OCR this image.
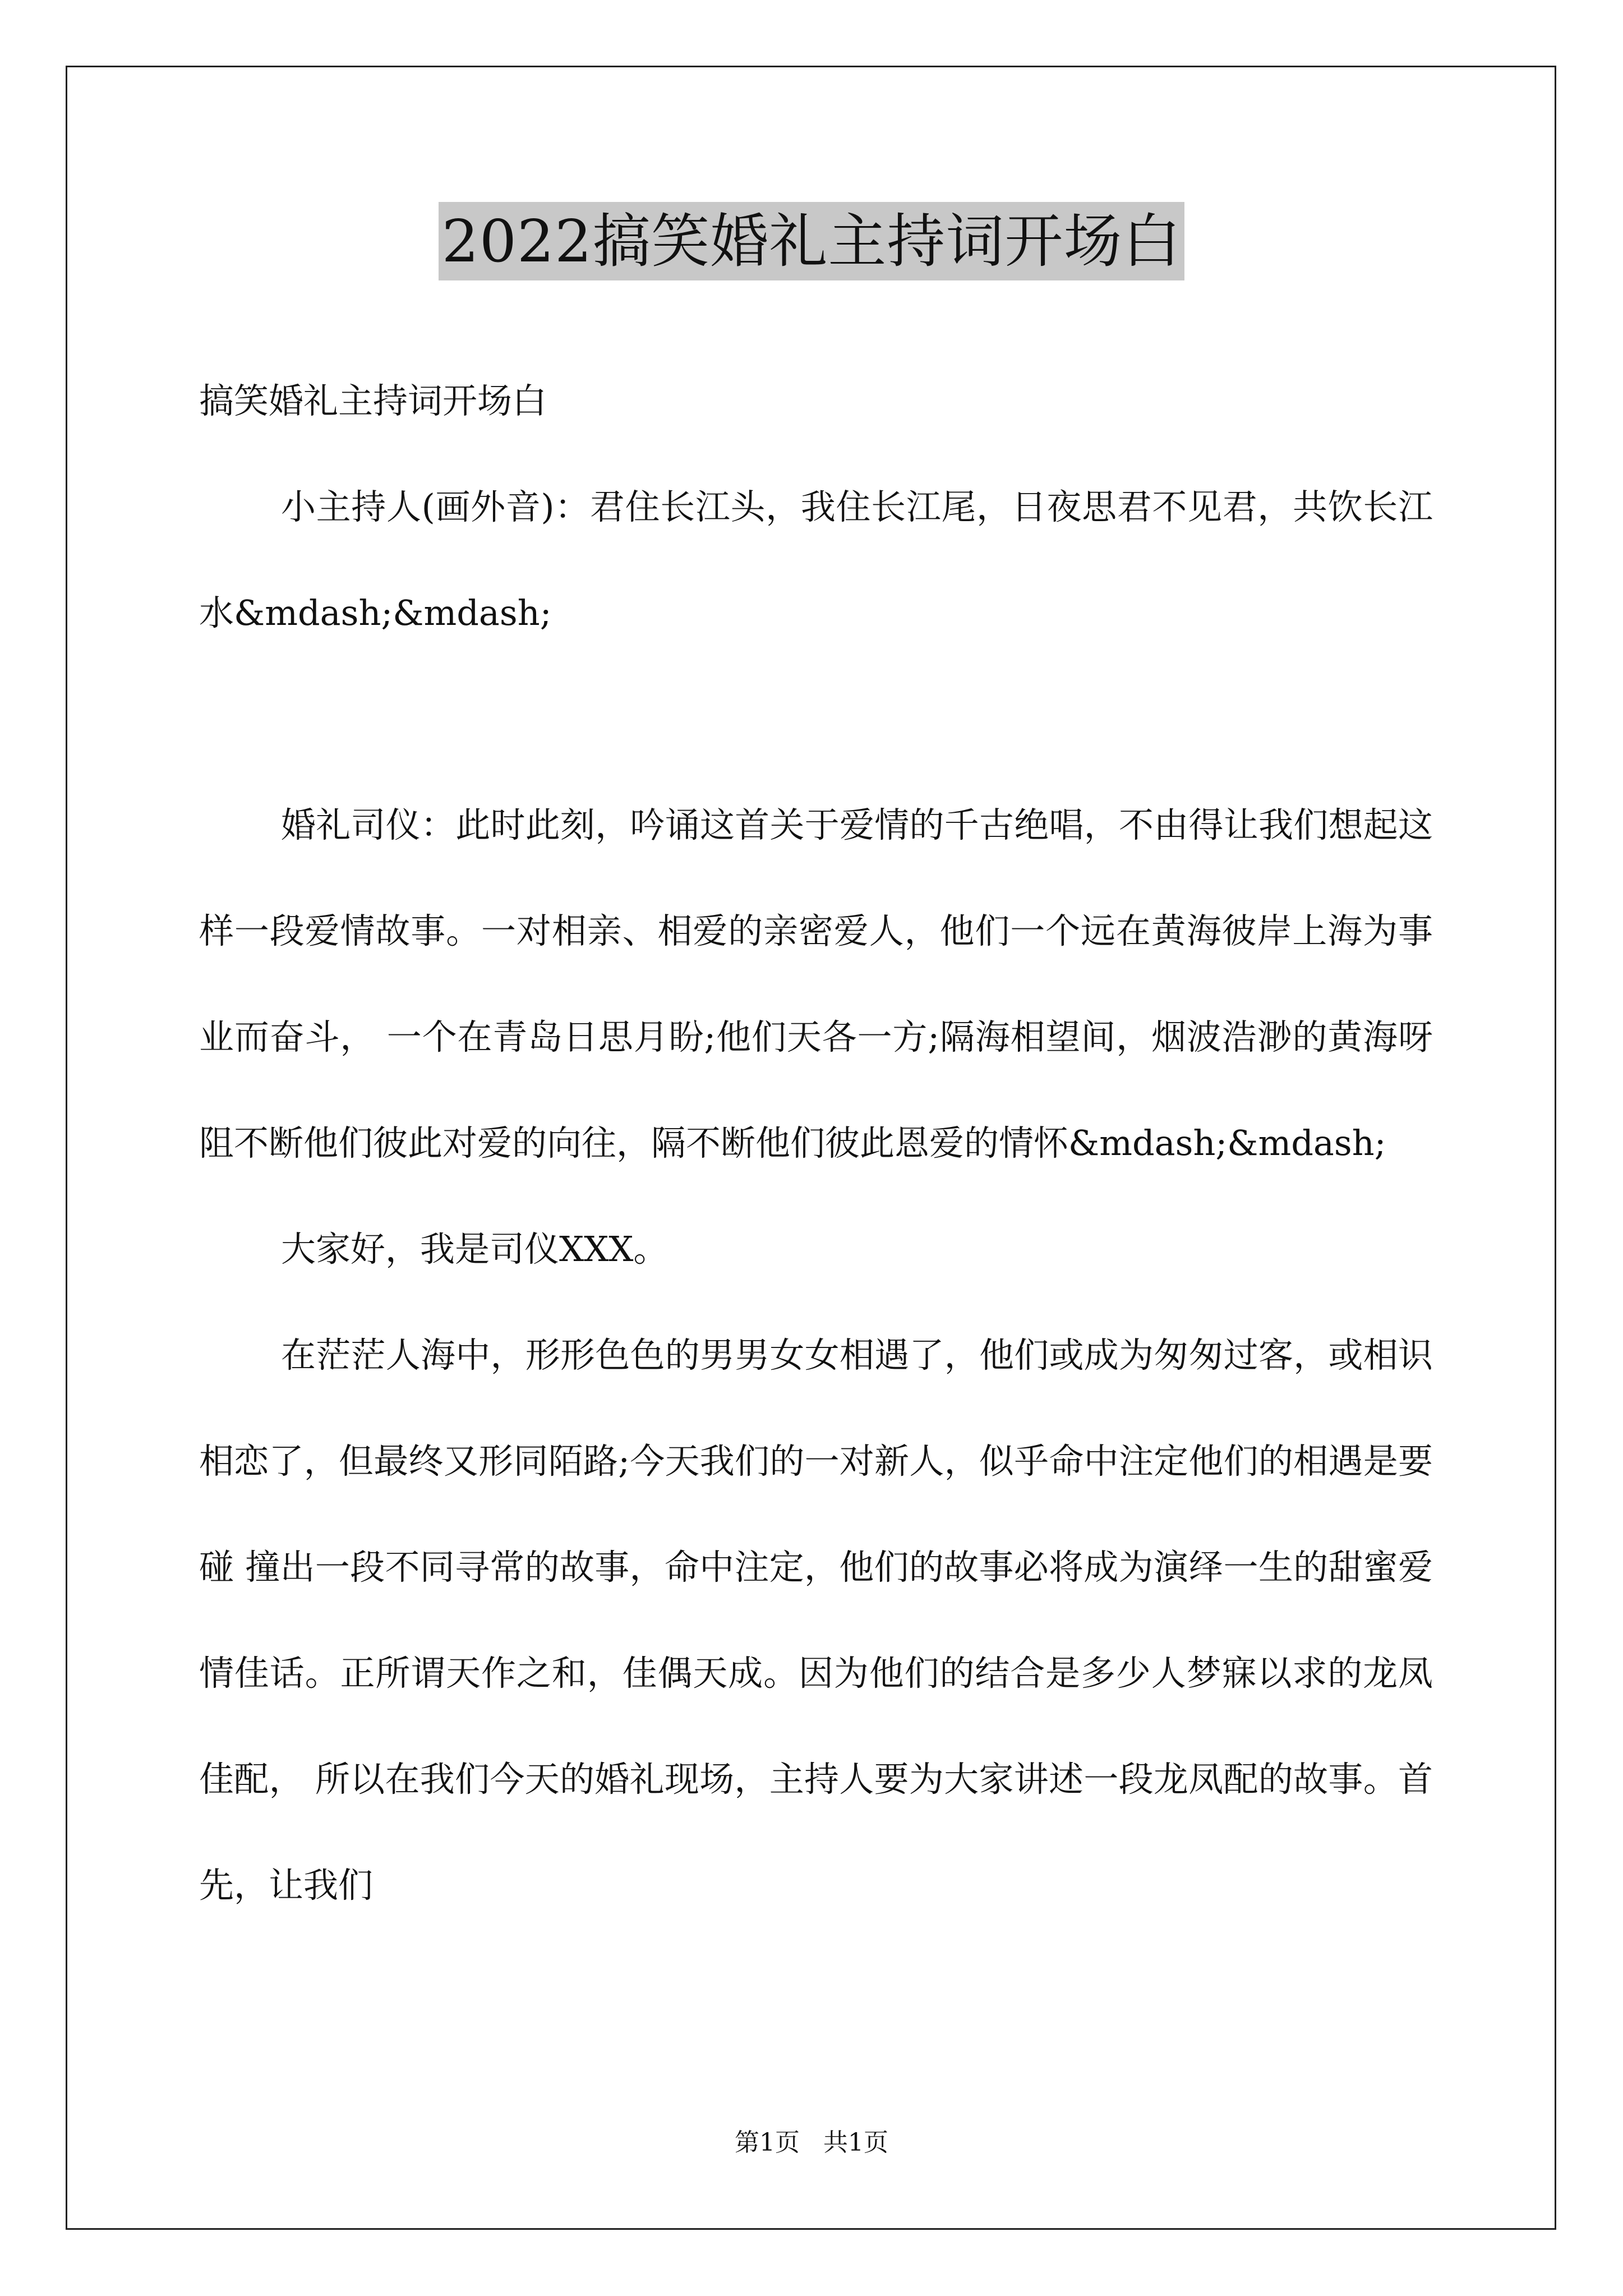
2022搞笑婚礼主持词开场白

搞笑婚礼主持词开场白

小主持人(画外音)：君住长江头，我住长江尾，日夜思君不见君，共饮长江水&mdash;&mdash;

婚礼司仪：此时此刻，吟诵这首关于爱情的千古绝唱，不由得让我们想起这样一段爱情故事。一对相亲、相爱的亲密爱人，他们一个远在黄海彼岸上海为事业而奋斗， 一个在青岛日思月盼;他们天各一方;隔海相望间，烟波浩渺的黄海呀阻不断他们彼此对爱的向往，隔不断他们彼此恩爱的情怀&mdash;&mdash;

大家好，我是司仪XXX。

在茫茫人海中，形形色色的男男女女相遇了，他们或成为匆匆过客，或相识相恋了，但最终又形同陌路;今天我们的一对新人，似乎命中注定他们的相遇是要碰 撞出一段不同寻常的故事，命中注定，他们的故事必将成为演绎一生的甜蜜爱情佳话。正所谓天作之和，佳偶天成。因为他们的结合是多少人梦寐以求的龙凤佳配， 所以在我们今天的婚礼现场，主持人要为大家讲述一段龙凤配的故事。首先，让我们

第1页   共1页
